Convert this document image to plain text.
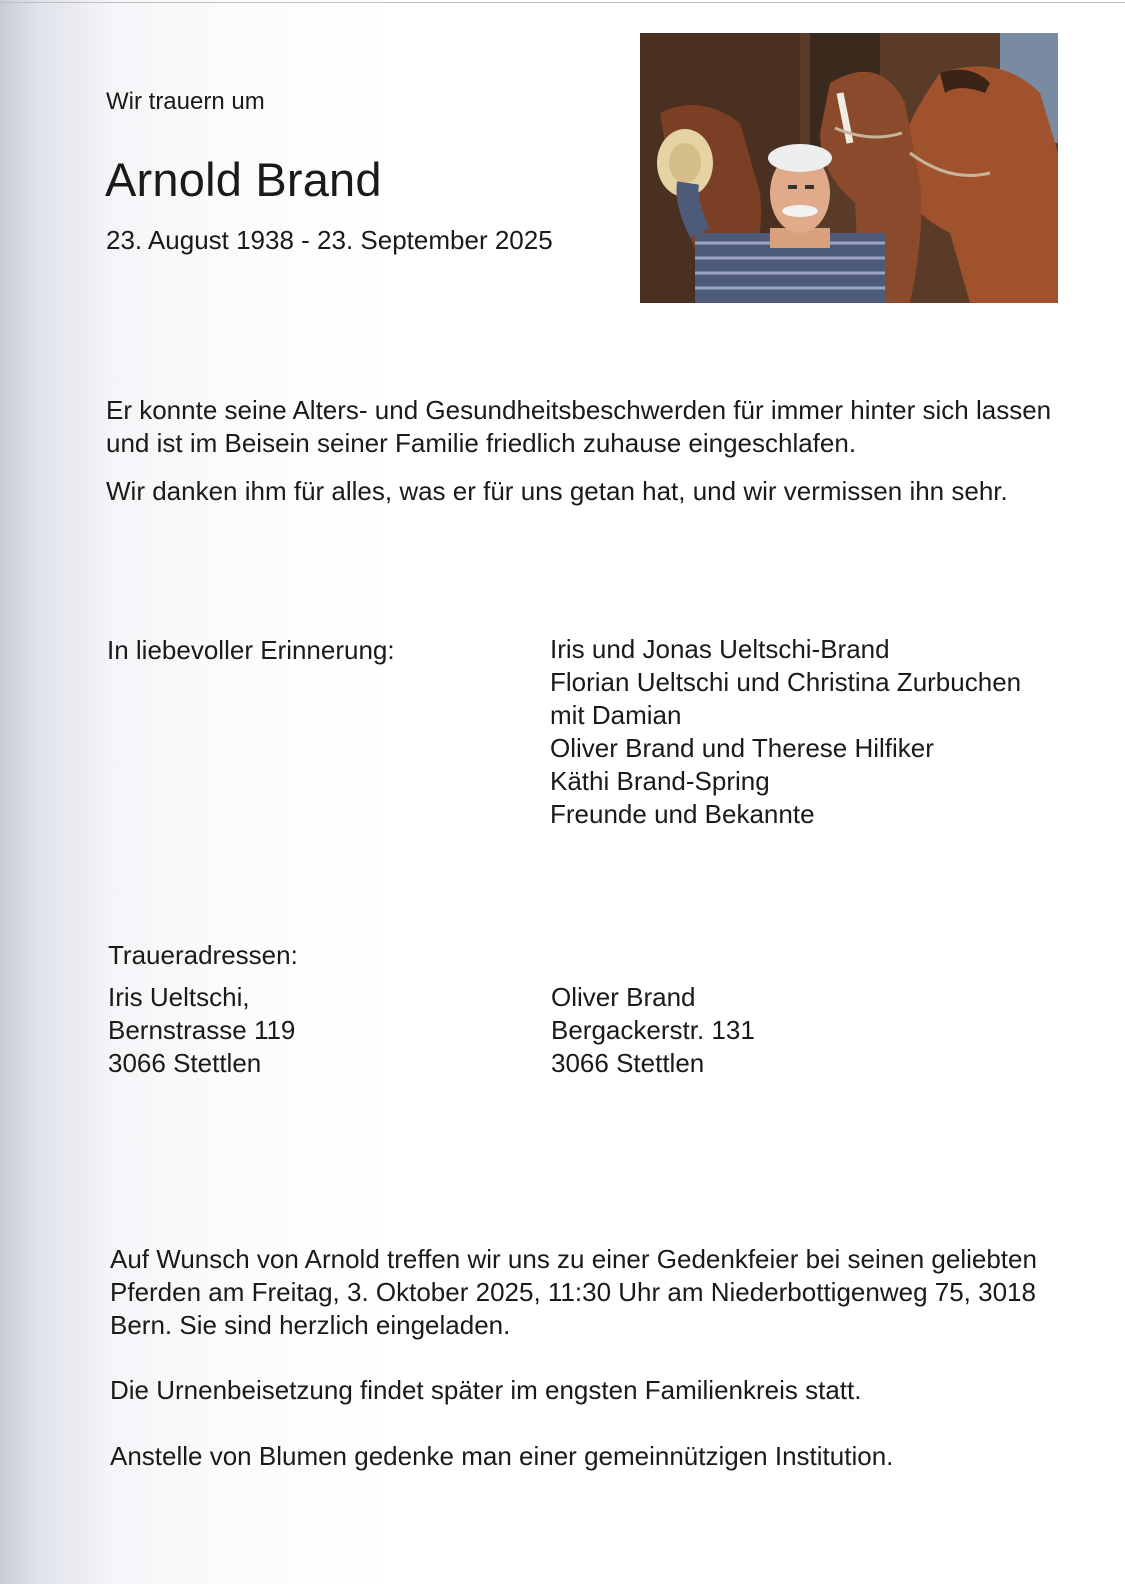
Wir trauern um
Arnold Brand
23. August 1938 - 23. September 2025
Er konnte seine Alters- und Gesundheitsbeschwerden für immer hinter sich lassen und ist im Beisein seiner Familie friedlich zuhause eingeschlafen.
Wir danken ihm für alles, was er für uns getan hat, und wir vermissen ihn sehr.
In liebevoller Erinnerung:	Iris und Jonas Ueltschi-Brand
Florian Ueltschi und Christina Zurbuchen
mit Damian
Oliver Brand und Therese Hilfiker
Käthi Brand-Spring
Freunde und Bekannte
Traueradressen:
Iris Ueltschi,
Bernstrasse 119
3066 Stettlen
Oliver Brand
Bergackerstr. 131
3066 Stettlen
Auf Wunsch von Arnold treffen wir uns zu einer Gedenkfeier bei seinen geliebten Pferden am Freitag, 3. Oktober 2025, 11:30 Uhr am Niederbottigenweg 75, 3018 Bern. Sie sind herzlich eingeladen.
Die Urnenbeisetzung findet später im engsten Familienkreis statt.
Anstelle von Blumen gedenke man einer gemeinnützigen Institution.
